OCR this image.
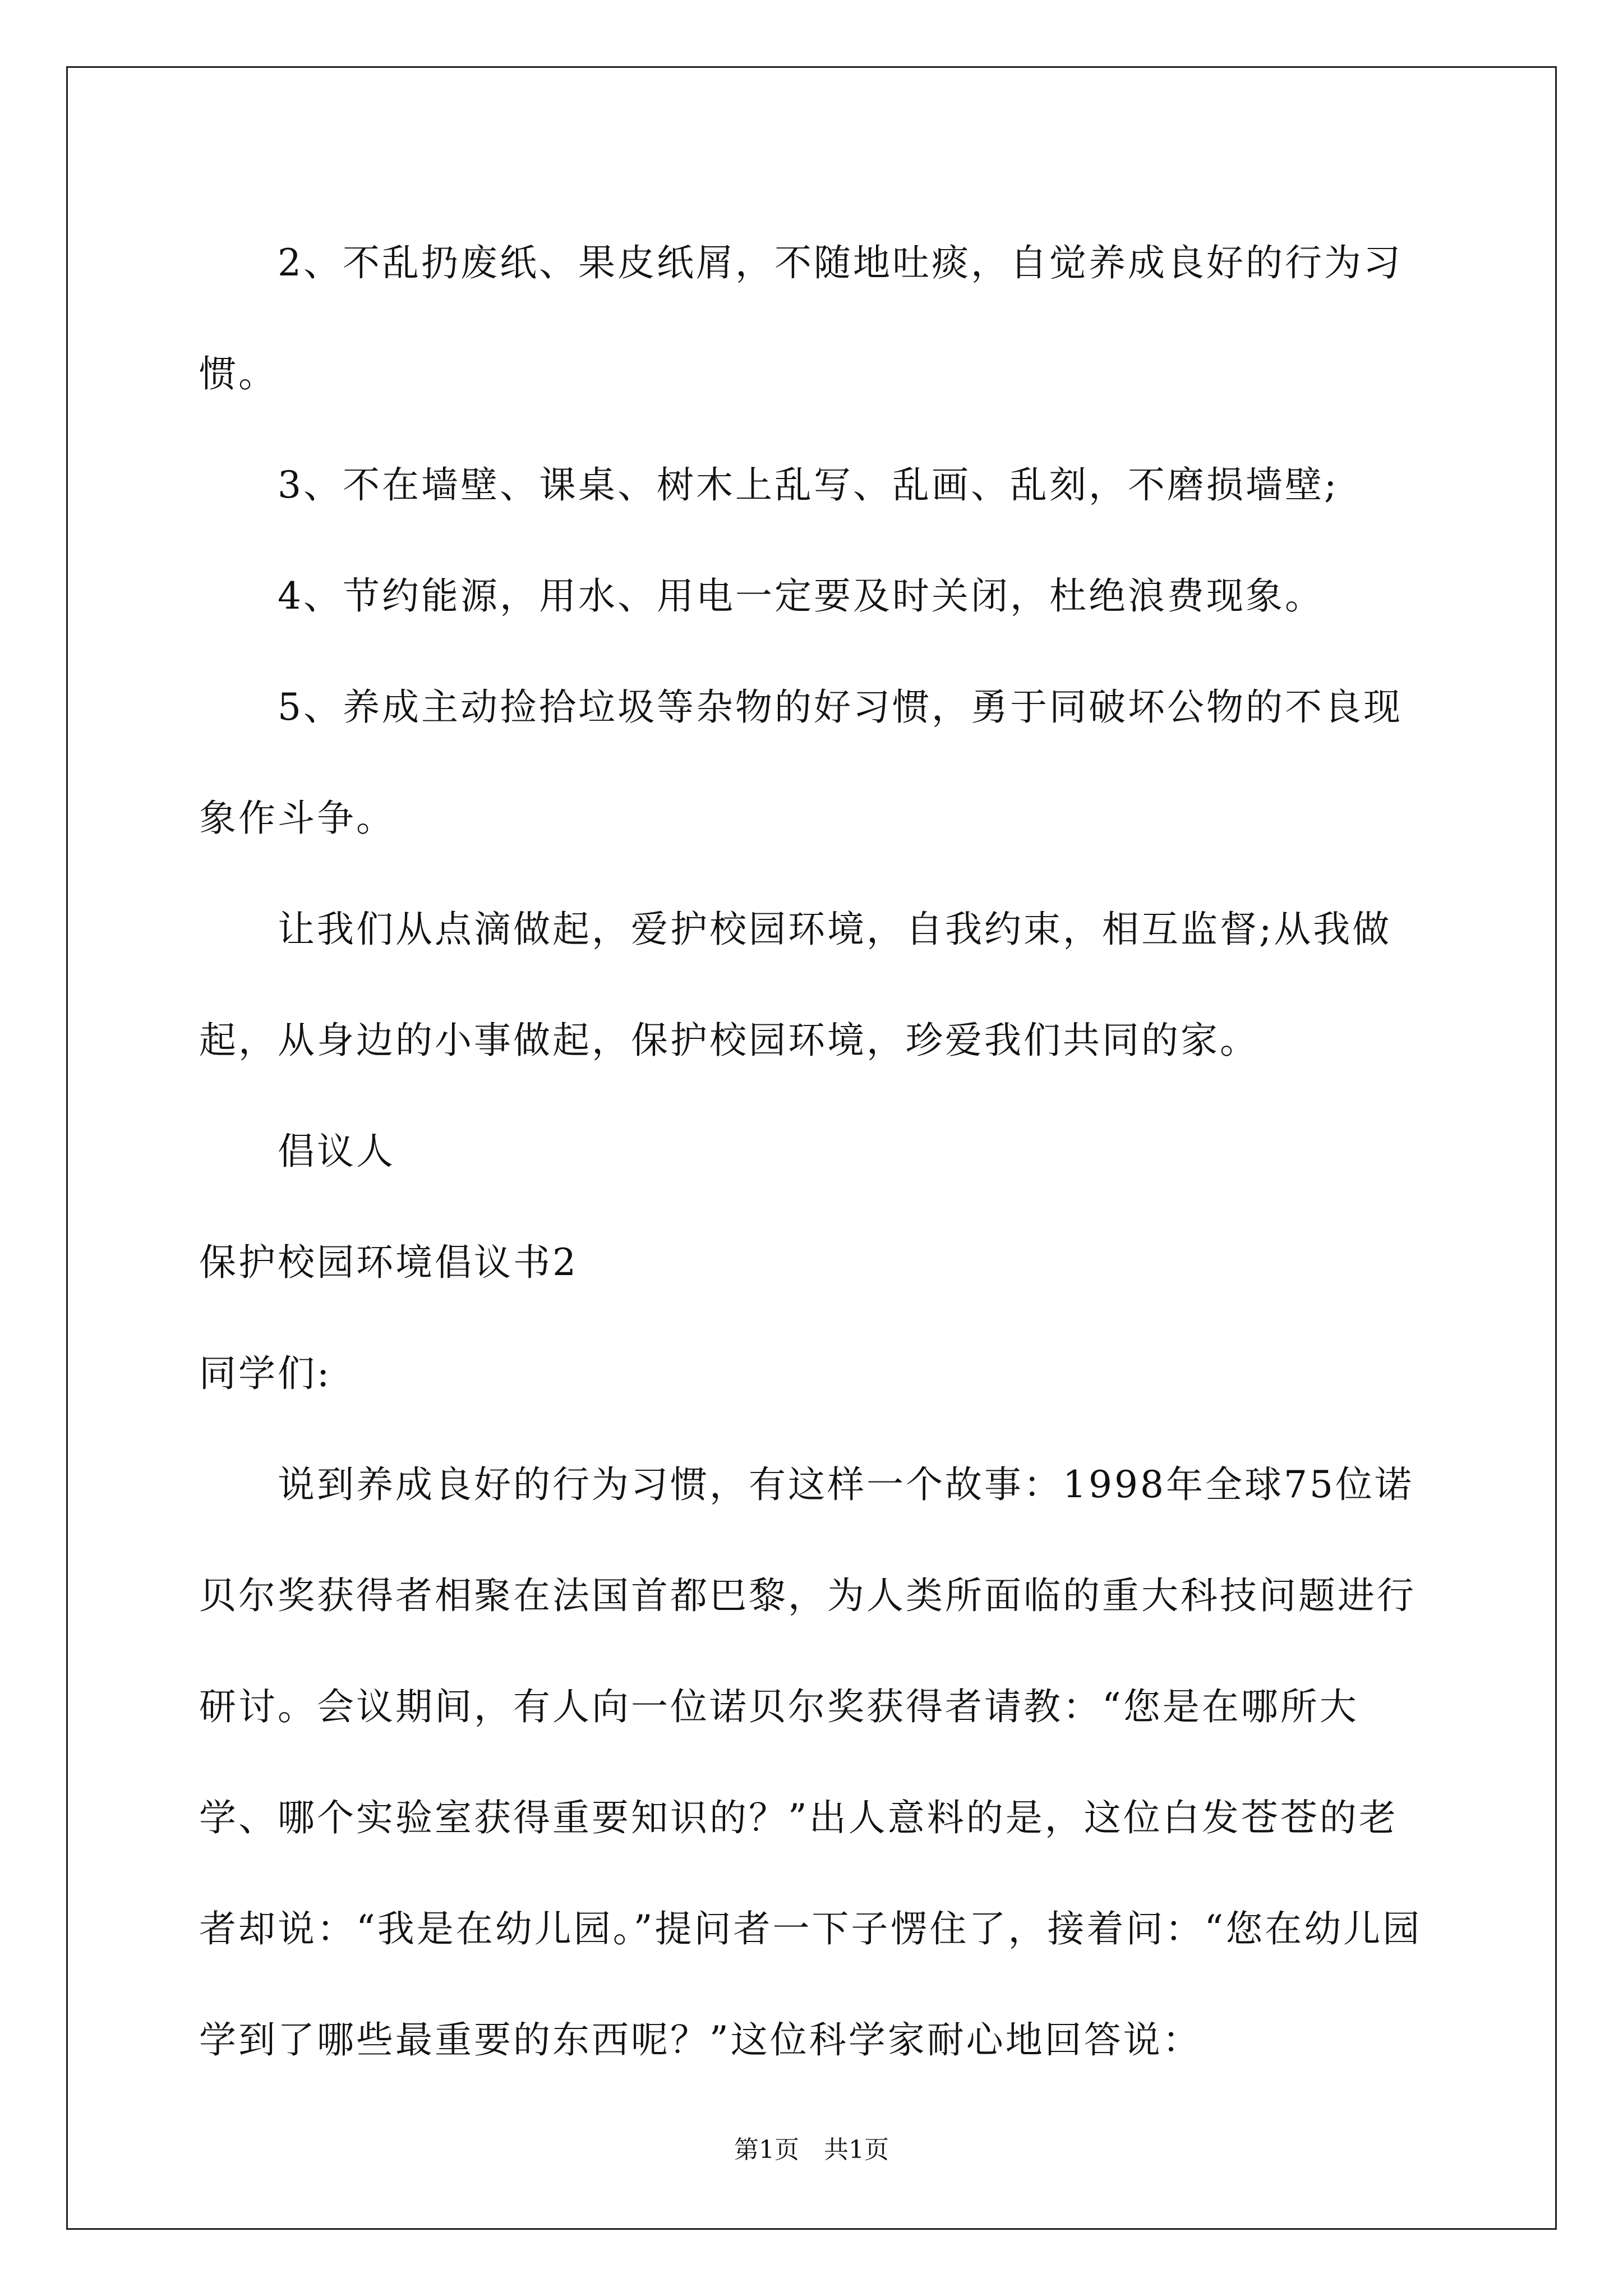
2、不乱扔废纸、果皮纸屑，不随地吐痰，自觉养成良好的行为习惯。

3、不在墙壁、课桌、树木上乱写、乱画、乱刻，不磨损墙壁;

4、节约能源，用水、用电一定要及时关闭，杜绝浪费现象。

5、养成主动捡拾垃圾等杂物的好习惯，勇于同破坏公物的不良现象作斗争。

让我们从点滴做起，爱护校园环境，自我约束，相互监督;从我做起，从身边的小事做起，保护校园环境，珍爱我们共同的家。

倡议人

保护校园环境倡议书2

同学们:

说到养成良好的行为习惯，有这样一个故事：1998年全球75位诺贝尔奖获得者相聚在法国首都巴黎，为人类所面临的重大科技问题进行研讨。会议期间，有人向一位诺贝尔奖获得者请教：“您是在哪所大学、哪个实验室获得重要知识的？”出人意料的是，这位白发苍苍的老者却说：“我是在幼儿园。”提问者一下子愣住了，接着问：“您在幼儿园学到了哪些最重要的东西呢？”这位科学家耐心地回答说：

第1页　共1页
